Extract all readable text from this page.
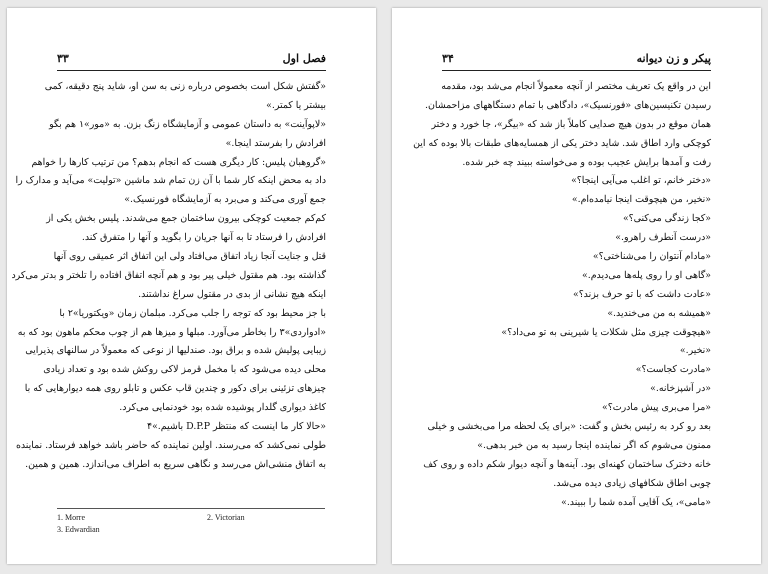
فصل اول
۳۳
«گفتش شکل است بخصوص درباره زنی به سن او، شاید پنج دقیقه، کمی
بیشتر یا کمتر.»
«لاپوآینت» به داستان عمومی و آزمایشگاه زنگ بزن. به «مور»۱ هم بگو
افرادش را بفرستد اینجا.»
«گروهبان پلیس: کار دیگری هست که انجام بدهم؟ من ترتیب کارها را خواهم
داد به محض اینکه کار شما با آن زن تمام شد ماشین «تولیت» می‌آید و مدارک را
جمع آوری می‌کند و می‌برد به آزمایشگاه فورنسیک.»
کم‌کم جمعیت کوچکی بیرون ساختمان جمع می‌شدند. پلیس بخش یکی از
افرادش را فرستاد تا به آنها جریان را بگوید و آنها را متفرق کند.
قتل و جنایت آنجا زیاد اتفاق می‌افتاد ولی این اتفاق اثر عمیقی روی آنها
گذاشته بود. هم مقتول خیلی پیر بود و هم آنچه اتفاق افتاده را تلختر و بدتر می‌کرد
اینکه هیچ نشانی از بدی در مقتول سراغ نداشتند.
با جز محیط بود که توجه را جلب می‌کرد. مبلمان زمان «ویکتوریا»۲ با
«ادواردی»۳ را بخاطر می‌آورد. مبلها و میزها هم از چوب محکم ماهون بود که به
زیبایی پولیش شده و براق بود. صندلیها از نوعی که معمولاً در سالنهای پذیرایی
محلی دیده می‌شود که با مخمل قرمز لاکی روکش شده بود و تعداد زیادی
چیزهای تزئینی برای دکور و چندین قاب عکس و تابلو روی همه دیوارهایی که با
کاغذ دیواری گلدار پوشیده شده بود خودنمایی می‌کرد.
«حالا کار ما اینست که منتظر D.P.P باشیم.»۴
طولی نمی‌کشد که می‌رسند. اولین نماینده که حاضر باشد خواهد فرستاد. نماینده
به اتفاق منشی‌اش می‌رسد و نگاهی سریع به اطراف می‌اندازد. همین و همین.
1. Morre	2. Victorian
3. Edwardian
پیکر و زن دیوانه
۳۴
این در واقع یک تعریف مختصر از آنچه معمولاً انجام می‌شد بود، مقدمه
رسیدن تکنیسین‌های «فورنسیک»، دادگاهی با تمام دستگاههای مزاحمشان.
همان موقع در بدون هیچ صدایی کاملاً باز شد که «بیگر»، جا خورد و دختر
کوچکی وارد اطاق شد. شاید دختر یکی از همسایه‌های طبقات بالا بوده که این
رفت و آمدها برایش عجیب بوده و می‌خواسته ببیند چه خبر شده.
«دختر خانم، تو اغلب می‌آیی اینجا؟»
«نخیر، من هیچوقت اینجا نیامده‌ام.»
«کجا زندگی می‌کنی؟»
«درست آنطرف راهرو.»
«مادام آنتوان را می‌شناختی؟»
«گاهی او را روی پله‌ها می‌دیدم.»
«عادت داشت که با تو حرف بزند؟»
«همیشه به من می‌خندید.»
«هیچوقت چیزی مثل شکلات یا شیرینی به تو می‌داد؟»
«نخیر.»
«مادرت کجاست؟»
«در آشپزخانه.»
«مرا می‌بری پیش مادرت؟»
بعد رو کرد به رئیس بخش و گفت: «برای یک لحظه مرا می‌بخشی و خیلی
ممنون می‌شوم که اگر نماینده اینجا رسید به من خبر بدهی.»
خانه دخترک ساختمان کهنه‌ای بود. آینه‌ها و آنچه دیوار شکم داده و روی کف
چوبی اطاق شکافهای زیادی دیده می‌شد.
«مامی»، یک آقایی آمده شما را ببیند.»
